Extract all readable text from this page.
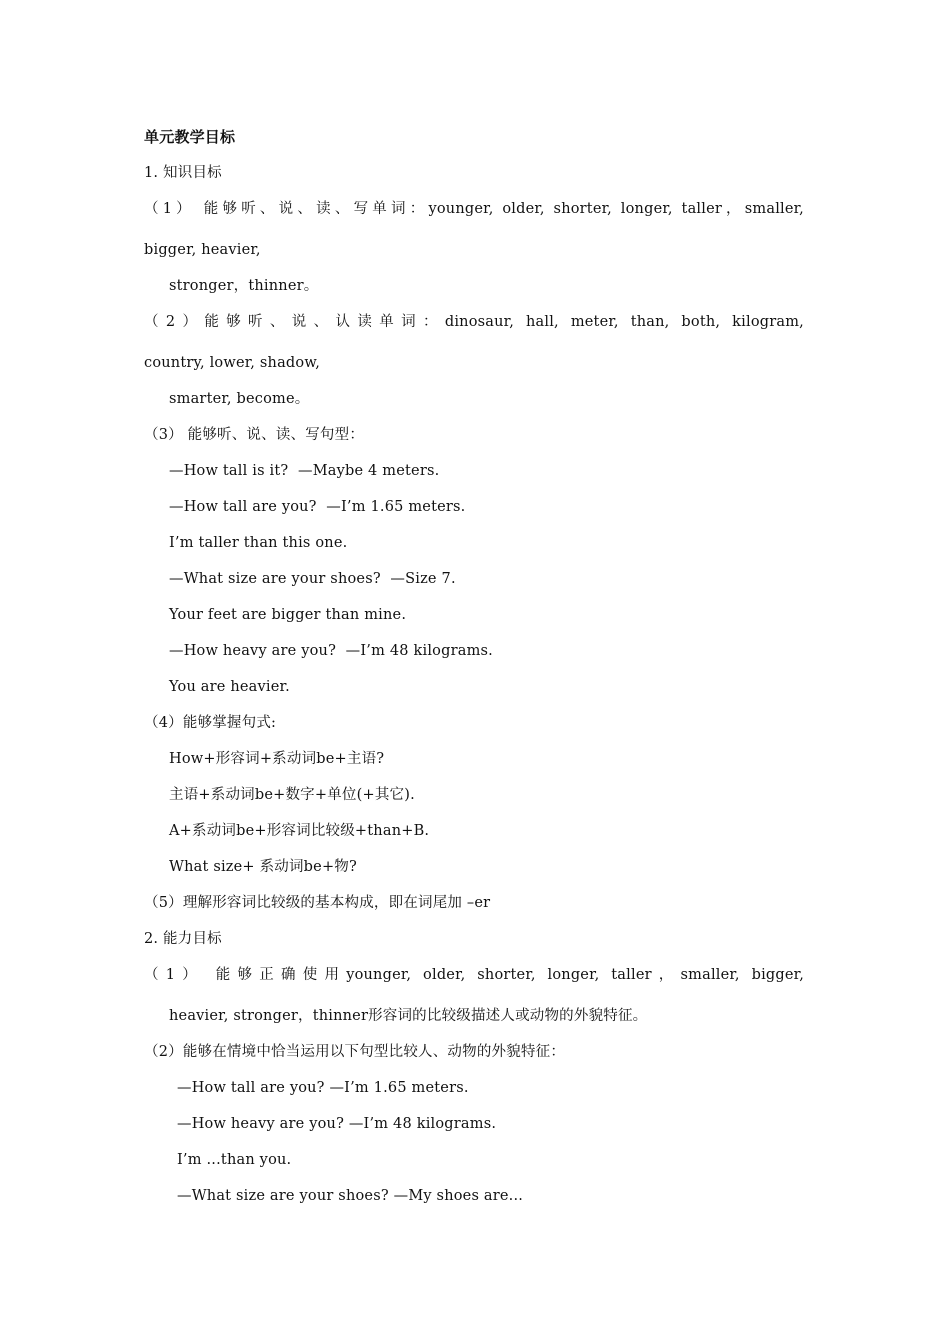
单元教学目标
1. 知识目标
（1） 能够听、说、读、写单词：younger, older, shorter, longer, taller，smaller,
bigger, heavier,
stronger，thinner。
（2）能够听、说、认读单词：dinosaur, hall, meter, than, both, kilogram,
country, lower, shadow,
smarter, become。
（3） 能够听、说、读、写句型：
—How tall is it?  —Maybe 4 meters.
—How tall are you?  —I’m 1.65 meters.
I’m taller than this one.
—What size are your shoes?  —Size 7.
Your feet are bigger than mine.
—How heavy are you?  —I’m 48 kilograms.
You are heavier.
（4）能够掌握句式:
How+形容词+系动词be+主语?
主语+系动词be+数字+单位(+其它).
A+系动词be+形容词比较级+than+B.
What size+ 系动词be+物?
（5）理解形容词比较级的基本构成，即在词尾加 –er
2. 能力目标
（1） 能够正确使用younger, older, shorter, longer, taller，smaller, bigger,
heavier, stronger，thinner形容词的比较级描述人或动物的外貌特征。
（2）能够在情境中恰当运用以下句型比较人、动物的外貌特征：
—How tall are you? —I’m 1.65 meters.
—How heavy are you? —I’m 48 kilograms.
I’m ...than you.
—What size are your shoes? —My shoes are...
